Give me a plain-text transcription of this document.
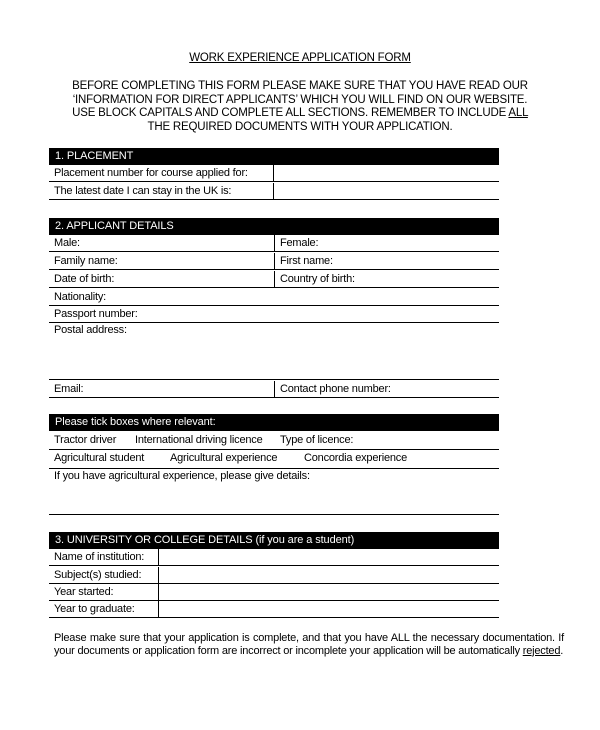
WORK EXPERIENCE APPLICATION FORM
BEFORE COMPLETING THIS FORM PLEASE MAKE SURE THAT YOU HAVE READ OUR ‘INFORMATION FOR DIRECT APPLICANTS’ WHICH YOU WILL FIND ON OUR WEBSITE. USE BLOCK CAPITALS AND COMPLETE ALL SECTIONS. REMEMBER TO INCLUDE ALL THE REQUIRED DOCUMENTS WITH YOUR APPLICATION.
1. PLACEMENT
Placement number for course applied for:
The latest date I can stay in the UK is:
2. APPLICANT DETAILS
Male:	Female:
Family name:	First name:
Date of birth:	Country of birth:
Nationality:
Passport number:
Postal address:
Email:	Contact phone number:
Please tick boxes where relevant:
Tractor driver International driving licence Type of licence:
Agricultural student Agricultural experience Concordia experience
If you have agricultural experience, please give details:
3. UNIVERSITY OR COLLEGE DETAILS (if you are a student)
Name of institution:
Subject(s) studied:
Year started:
Year to graduate:
Please make sure that your application is complete, and that you have ALL the necessary documentation. If your documents or application form are incorrect or incomplete your application will be automatically rejected.
